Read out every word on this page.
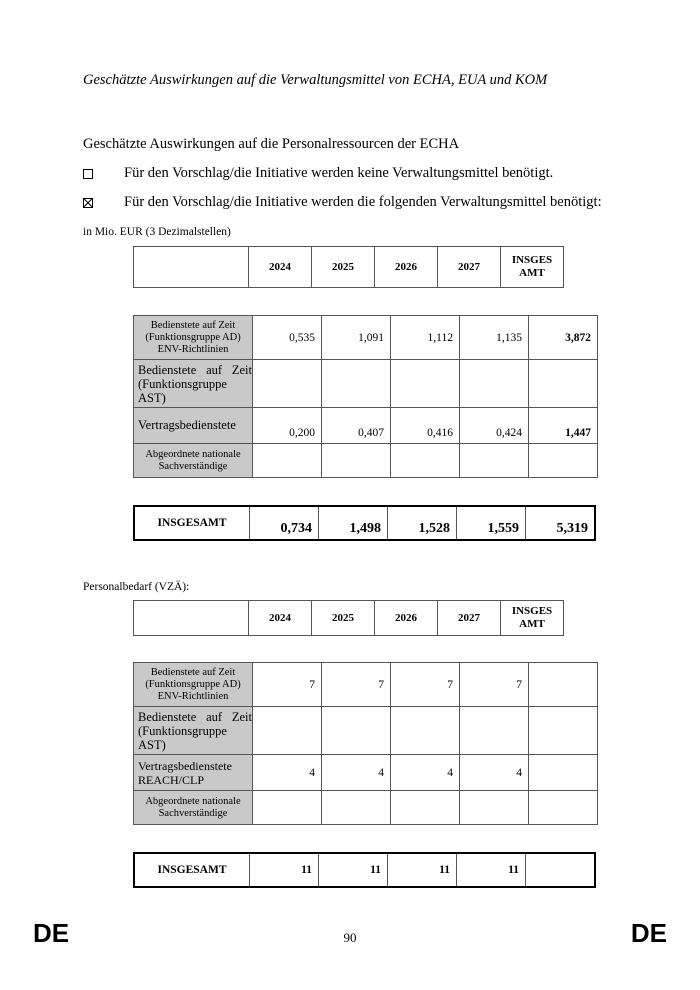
Geschätzte Auswirkungen auf die Verwaltungsmittel von ECHA, EUA und KOM
Geschätzte Auswirkungen auf die Personalressourcen der ECHA
Für den Vorschlag/die Initiative werden keine Verwaltungsmittel benötigt.
Für den Vorschlag/die Initiative werden die folgenden Verwaltungsmittel benötigt:
in Mio. EUR (3 Dezimalstellen)
	2024	2025	2026	2027	INSGES AMT
Bedienstete auf Zeit (Funktionsgruppe AD) ENV-Richtlinien	0,535	1,091	1,112	1,135	3,872
Bedienstete auf Zeit (Funktionsgruppe AST)					
Vertragsbedienstete	0,200	0,407	0,416	0,424	1,447
Abgeordnete nationale Sachverständige					
INSGESAMT	0,734	1,498	1,528	1,559	5,319
Personalbedarf (VZÄ):
	2024	2025	2026	2027	INSGES AMT
Bedienstete auf Zeit (Funktionsgruppe AD) ENV-Richtlinien	7	7	7	7	
Bedienstete auf Zeit (Funktionsgruppe AST)					
Vertragsbedienstete REACH/CLP	4	4	4	4	
Abgeordnete nationale Sachverständige					
INSGESAMT	11	11	11	11	
DE	90	DE
